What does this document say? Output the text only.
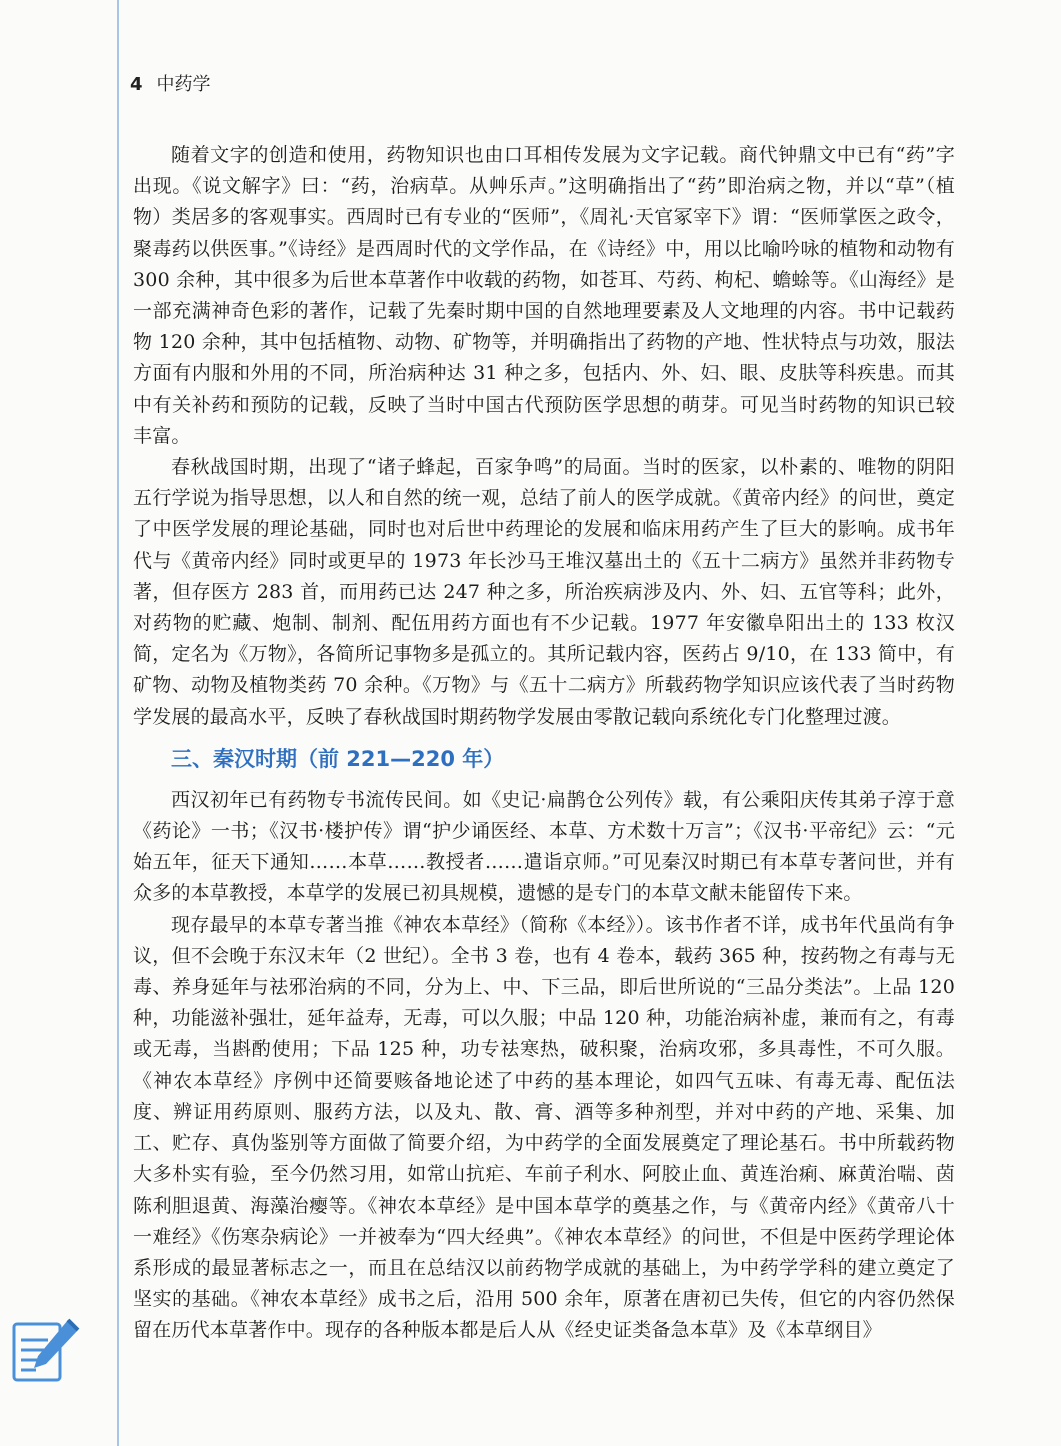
4 中药学

随着文字的创造和使用，药物知识也由口耳相传发展为文字记载。商代钟鼎文中已有“药”字出现。《说文解字》曰：“药，治病草。从艸乐声。”这明确指出了“药”即治病之物，并以“草”（植物）类居多的客观事实。西周时已有专业的“医师”，《周礼·天官冢宰下》谓：“医师掌医之政令，聚毒药以供医事。”《诗经》是西周时代的文学作品，在《诗经》中，用以比喻吟咏的植物和动物有 300 余种，其中很多为后世本草著作中收载的药物，如苍耳、芍药、枸杞、蟾蜍等。《山海经》是一部充满神奇色彩的著作，记载了先秦时期中国的自然地理要素及人文地理的内容。书中记载药物 120 余种，其中包括植物、动物、矿物等，并明确指出了药物的产地、性状特点与功效，服法方面有内服和外用的不同，所治病种达 31 种之多，包括内、外、妇、眼、皮肤等科疾患。而其中有关补药和预防的记载，反映了当时中国古代预防医学思想的萌芽。可见当时药物的知识已较丰富。

春秋战国时期，出现了“诸子蜂起，百家争鸣”的局面。当时的医家，以朴素的、唯物的阴阳五行学说为指导思想，以人和自然的统一观，总结了前人的医学成就。《黄帝内经》的问世，奠定了中医学发展的理论基础，同时也对后世中药理论的发展和临床用药产生了巨大的影响。成书年代与《黄帝内经》同时或更早的 1973 年长沙马王堆汉墓出土的《五十二病方》虽然并非药物专著，但存医方 283 首，而用药已达 247 种之多，所治疾病涉及内、外、妇、五官等科；此外，对药物的贮藏、炮制、制剂、配伍用药方面也有不少记载。1977 年安徽阜阳出土的 133 枚汉简，定名为《万物》，各简所记事物多是孤立的。其所记载内容，医药占 9/10，在 133 简中，有矿物、动物及植物类药 70 余种。《万物》与《五十二病方》所载药物学知识应该代表了当时药物学发展的最高水平，反映了春秋战国时期药物学发展由零散记载向系统化专门化整理过渡。

三、秦汉时期（前 221—220 年）

西汉初年已有药物专书流传民间。如《史记·扁鹊仓公列传》载，有公乘阳庆传其弟子淳于意《药论》一书；《汉书·楼护传》谓“护少诵医经、本草、方术数十万言”；《汉书·平帝纪》云：“元始五年，征天下通知……本草……教授者……遣诣京师。”可见秦汉时期已有本草专著问世，并有众多的本草教授，本草学的发展已初具规模，遗憾的是专门的本草文献未能留传下来。

现存最早的本草专著当推《神农本草经》（简称《本经》）。该书作者不详，成书年代虽尚有争议，但不会晚于东汉末年（2 世纪）。全书 3 卷，也有 4 卷本，载药 365 种，按药物之有毒与无毒、养身延年与祛邪治病的不同，分为上、中、下三品，即后世所说的“三品分类法”。上品 120 种，功能滋补强壮，延年益寿，无毒，可以久服；中品 120 种，功能治病补虚，兼而有之，有毒或无毒，当斟酌使用；下品 125 种，功专祛寒热，破积聚，治病攻邪，多具毒性，不可久服。《神农本草经》序例中还简要赅备地论述了中药的基本理论，如四气五味、有毒无毒、配伍法度、辨证用药原则、服药方法，以及丸、散、膏、酒等多种剂型，并对中药的产地、采集、加工、贮存、真伪鉴别等方面做了简要介绍，为中药学的全面发展奠定了理论基石。书中所载药物大多朴实有验，至今仍然习用，如常山抗疟、车前子利水、阿胶止血、黄连治痢、麻黄治喘、茵陈利胆退黄、海藻治瘿等。《神农本草经》是中国本草学的奠基之作，与《黄帝内经》《黄帝八十一难经》《伤寒杂病论》一并被奉为“四大经典”。《神农本草经》的问世，不但是中医药学理论体系形成的最显著标志之一，而且在总结汉以前药物学成就的基础上，为中药学学科的建立奠定了坚实的基础。《神农本草经》成书之后，沿用 500 余年，原著在唐初已失传，但它的内容仍然保留在历代本草著作中。现存的各种版本都是后人从《经史证类备急本草》及《本草纲目》
